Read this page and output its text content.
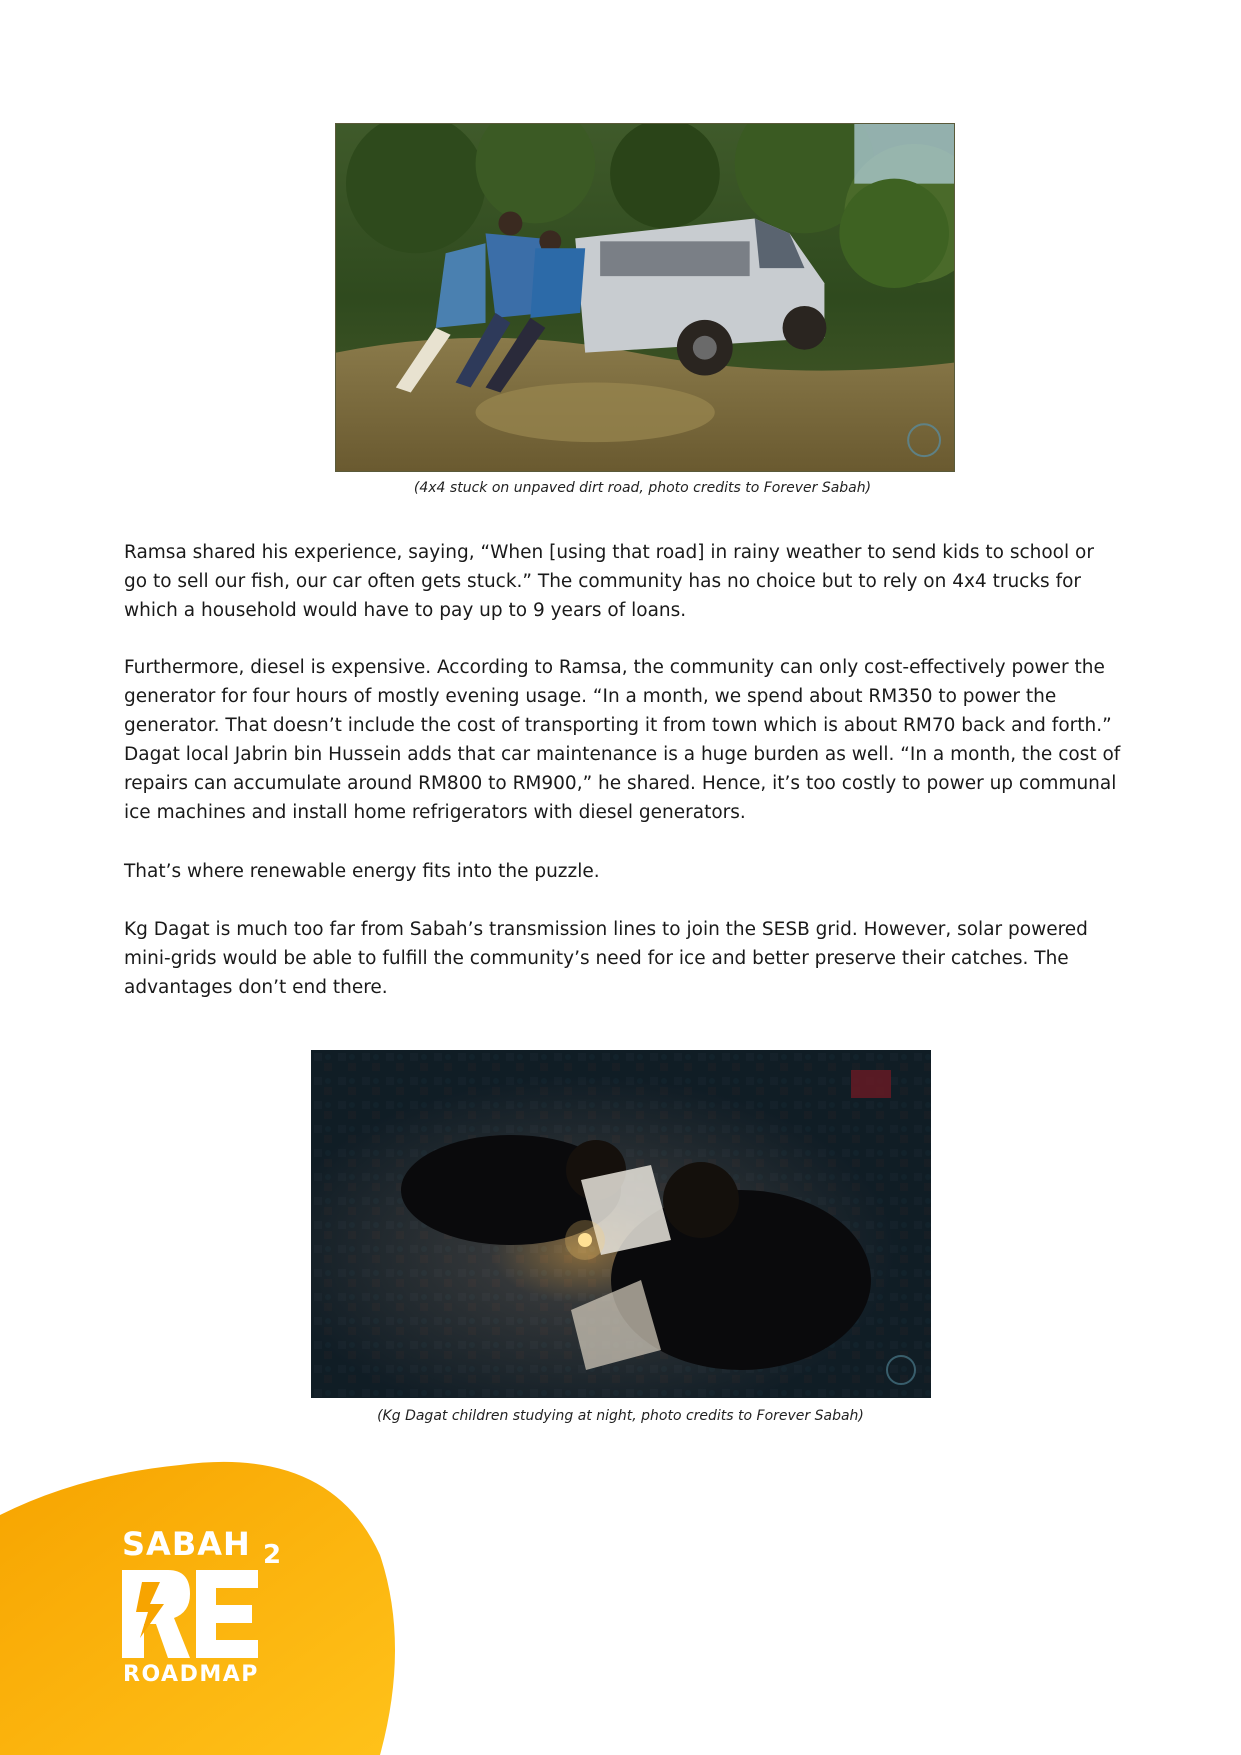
(4x4 stuck on unpaved dirt road, photo credits to Forever Sabah)

Ramsa shared his experience, saying, “When [using that road] in rainy weather to send kids to school or go to sell our fish, our car often gets stuck.” The community has no choice but to rely on 4x4 trucks for which a household would have to pay up to 9 years of loans.

Furthermore, diesel is expensive. According to Ramsa, the community can only cost-effectively power the generator for four hours of mostly evening usage. “In a month, we spend about RM350 to power the generator. That doesn’t include the cost of transporting it from town which is about RM70 back and forth.” Dagat local Jabrin bin Hussein adds that car maintenance is a huge burden as well. “In a month, the cost of repairs can accumulate around RM800 to RM900,” he shared. Hence, it’s too costly to power up communal ice machines and install home refrigerators with diesel generators.

That’s where renewable energy fits into the puzzle.

Kg Dagat is much too far from Sabah’s transmission lines to join the SESB grid. However, solar powered mini-grids would be able to fulfill the community’s need for ice and better preserve their catches. The advantages don’t end there.

(Kg Dagat children studying at night, photo credits to Forever Sabah)
SABAH 2
ROADMAP
